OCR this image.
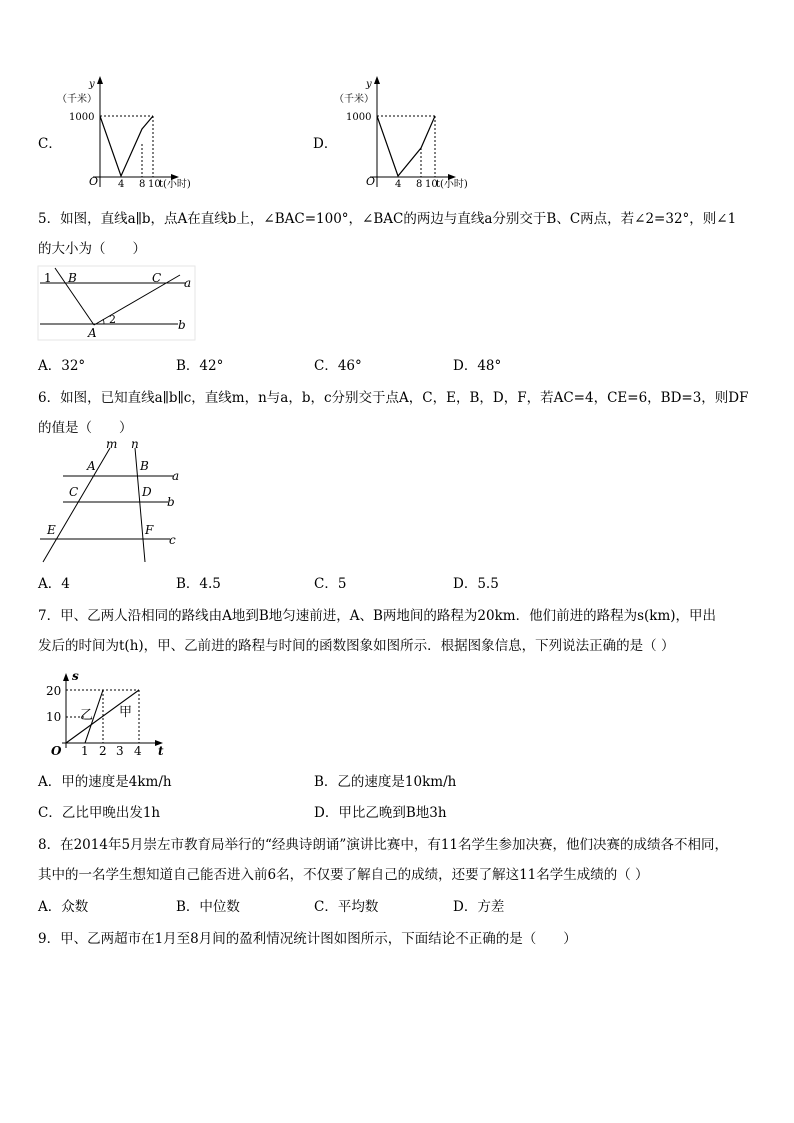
C．
y
（千米）
1000
O 4 8 10
t(小时)
D．
y
（千米）
1000
O 4 8 10
t(小时)
5．如图，直线a∥b，点A在直线b上，∠BAC=100°，∠BAC的两边与直线a分别交于B、C两点，若∠2=32°，则∠1
的大小为（　　）
1 B	C a
A
2	b
A．32°	B．42°	C．46°	D．48°
6．如图，已知直线a∥b∥c，直线m，n与a，b，c分别交于点A，C，E，B，D，F，若AC=4，CE=6，BD=3，则DF
的值是（　　）
m n
A	B
a
C	D
b
E	F
c
A．4	B．4.5	C．5	D．5.5
7．甲、乙两人沿相同的路线由A地到B地匀速前进，A、B两地间的路程为20km．他们前进的路程为s(km)，甲出
发后的时间为t(h)，甲、乙前进的路程与时间的函数图象如图所示．根据图象信息，下列说法正确的是（ ）
s
20
10
O 1 2 3 4 t
乙 甲
A．甲的速度是4km/h	B．乙的速度是10km/h
C．乙比甲晚出发1h	D．甲比乙晚到B地3h
8．在2014年5月崇左市教育局举行的“经典诗朗诵”演讲比赛中，有11名学生参加决赛，他们决赛的成绩各不相同，
其中的一名学生想知道自己能否进入前6名，不仅要了解自己的成绩，还要了解这11名学生成绩的（ ）
A．众数	B．中位数	C．平均数	D．方差
9．甲、乙两超市在1月至8月间的盈利情况统计图如图所示，下面结论不正确的是（　　）
